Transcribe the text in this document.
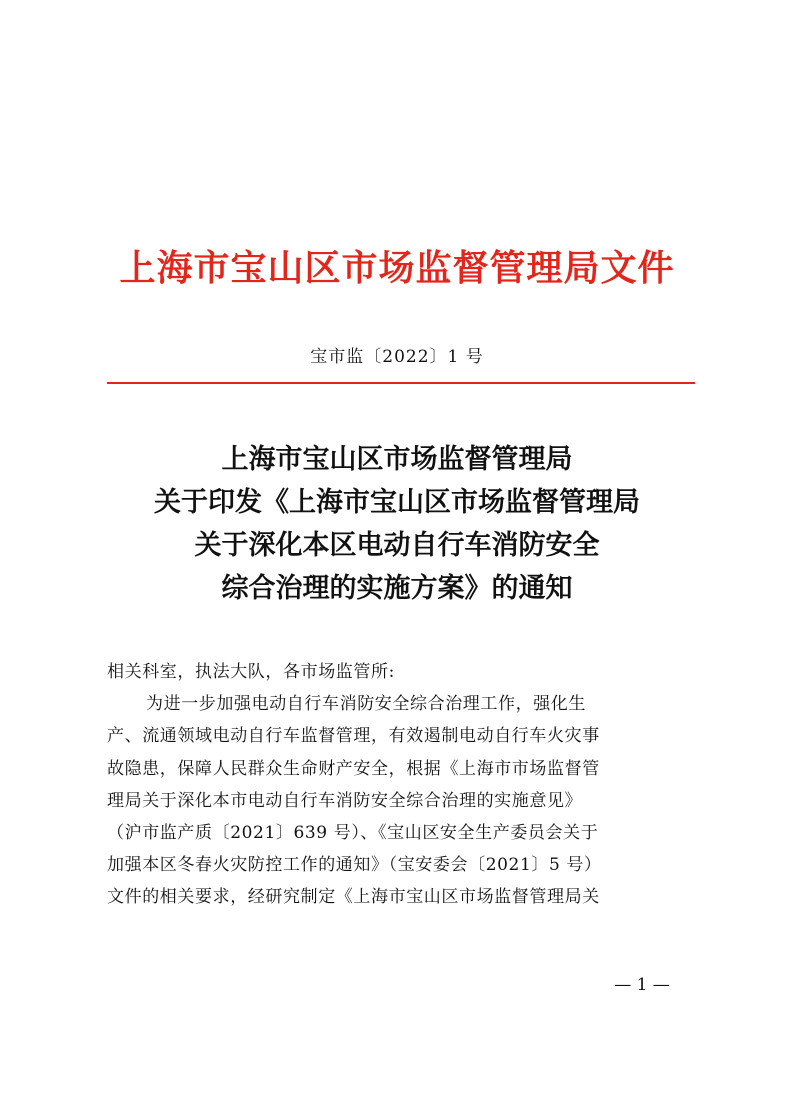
上海市宝山区市场监督管理局文件
宝市监〔2022〕1 号
上海市宝山区市场监督管理局
关于印发《上海市宝山区市场监督管理局
关于深化本区电动自行车消防安全
综合治理的实施方案》的通知
相关科室，执法大队，各市场监管所:
为进一步加强电动自行车消防安全综合治理工作，强化生
产、流通领域电动自行车监督管理，有效遏制电动自行车火灾事
故隐患，保障人民群众生命财产安全，根据《上海市市场监督管
理局关于深化本市电动自行车消防安全综合治理的实施意见》
（沪市监产质〔2021〕639 号）、《宝山区安全生产委员会关于
加强本区冬春火灾防控工作的通知》（宝安委会〔2021〕5 号）
文件的相关要求，经研究制定《上海市宝山区市场监督管理局关
— 1 —
